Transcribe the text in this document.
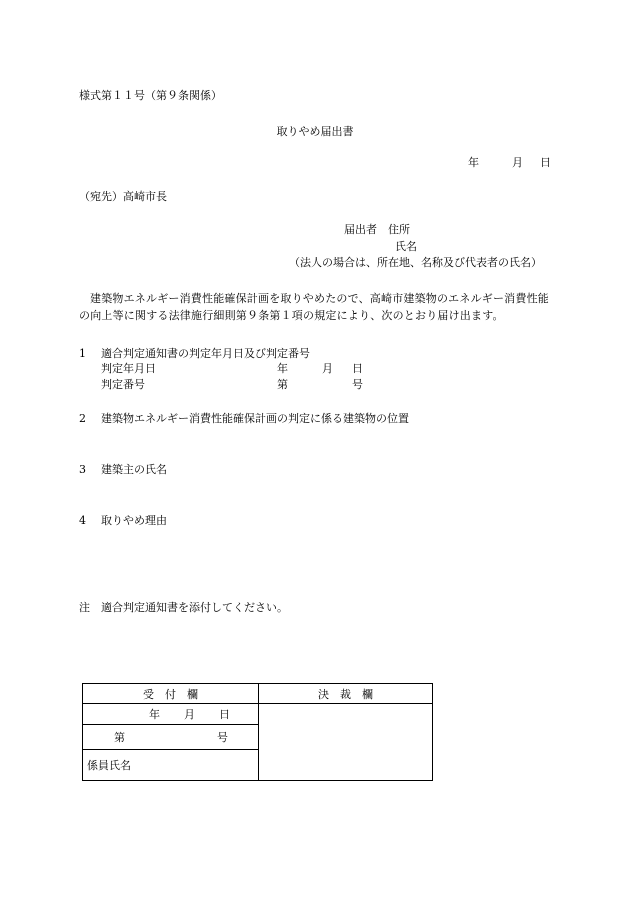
様式第１１号（第９条関係）
取りやめ届出書
年	月 日
（宛先）高崎市長
届出者 住所
氏名
（法人の場合は、所在地、名称及び代表者の氏名）
建築物エネルギー消費性能確保計画を取りやめたので、高崎市建築物のエネルギー消費性能の向上等に関する法律施行細則第９条第１項の規定により、次のとおり届け出ます。
1 適合判定通知書の判定年月日及び判定番号
判定年月日	年	月 日
判定番号	第	号
2 建築物エネルギー消費性能確保計画の判定に係る建築物の位置
3 建築主の氏名
4 取りやめ理由
注 適合判定通知書を添付してください。
受　付　欄	決　裁　欄

年 月 日	

第 号	

係員氏名	
